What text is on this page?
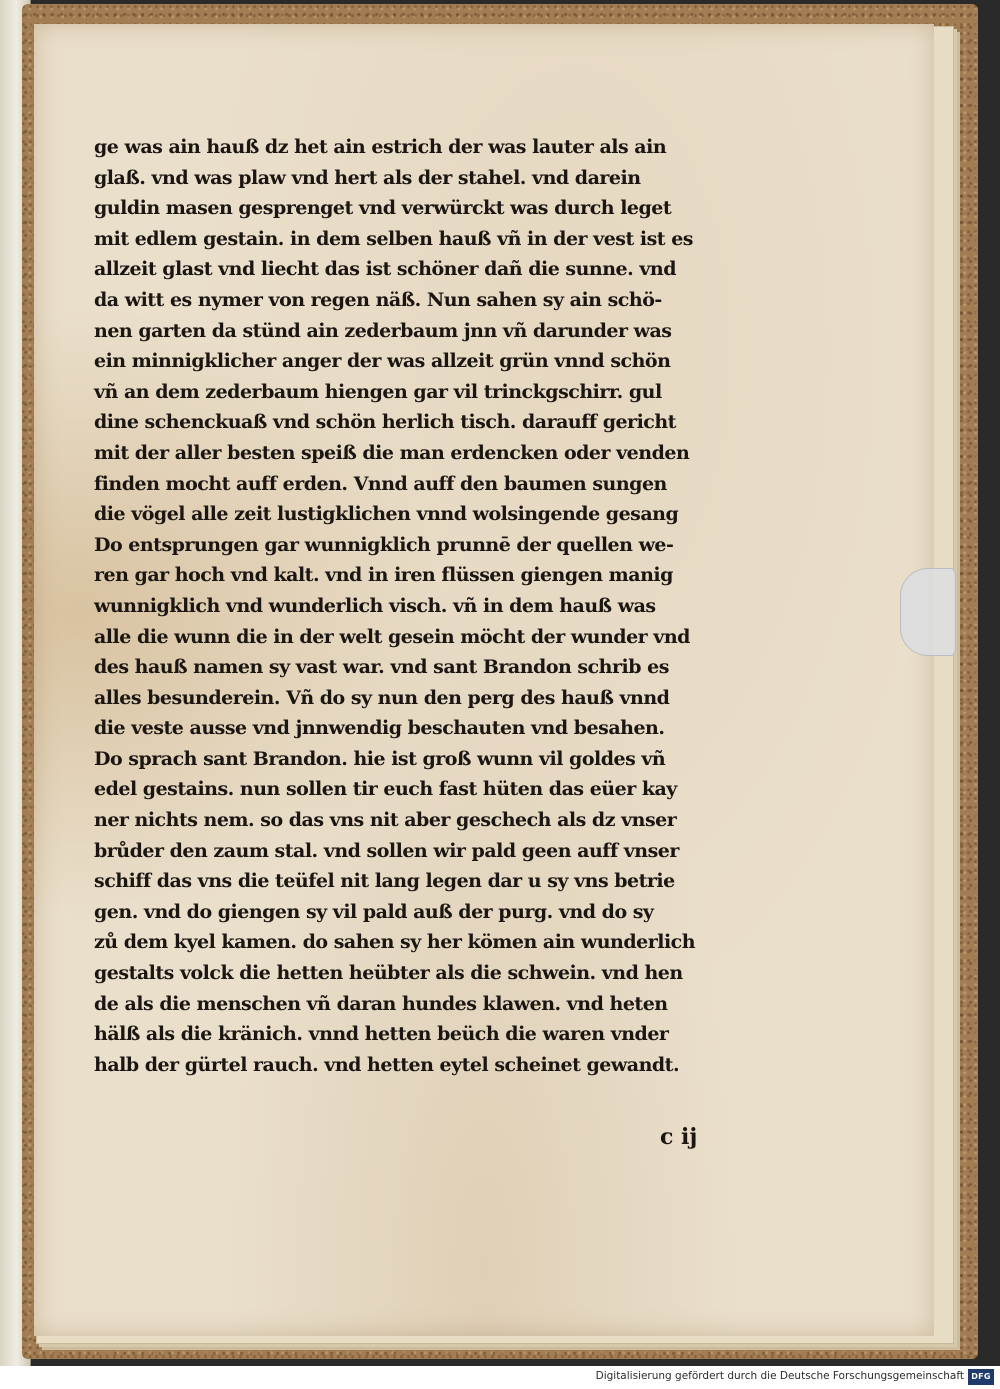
ge was ain hauß dz het ain estrich der was lauter als ain
glaß. vnd was plaw vnd hert als der stahel. vnd darein
guldin masen gesprenget vnd verwürckt was durch leget
mit edlem gestain. in dem selben hauß vñ in der vest ist es
allzeit glast vnd liecht das ist schöner dañ die sunne. vnd
da witt es nymer von regen näß. Nun sahen sy ain schö-
nen garten da stünd ain zederbaum jnn vñ darunder was
ein minnigklicher anger der was allzeit grün vnnd schön
vñ an dem zederbaum hiengen gar vil trinckgschirr. gul
dine schenckuaß vnd schön herlich tisch. darauff gericht
mit der aller besten speiß die man erdencken oder venden
finden mocht auff erden. Vnnd auff den baumen sungen
die vögel alle zeit lustigklichen vnnd wolsingende gesang
Do entsprungen gar wunnigklich prunnē der quellen we-
ren gar hoch vnd kalt. vnd in iren flüssen giengen manig
wunnigklich vnd wunderlich visch. vñ in dem hauß was
alle die wunn die in der welt gesein möcht der wunder vnd
des hauß namen sy vast war. vnd sant Brandon schrib es
alles besunderein. Vñ do sy nun den perg des hauß vnnd
die veste ausse vnd jnnwendig beschauten vnd besahen.
Do sprach sant Brandon. hie ist groß wunn vil goldes vñ
edel gestains. nun sollen tir euch fast hüten das eüer kay
ner nichts nem. so das vns nit aber geschech als dz vnser
brůder den zaum stal. vnd sollen wir pald geen auff vnser
schiff das vns die teüfel nit lang legen dar u sy vns betrie
gen. vnd do giengen sy vil pald auß der purg. vnd do sy
zů dem kyel kamen. do sahen sy her kömen ain wunderlich
gestalts volck die hetten heübter als die schwein. vnd hen
de als die menschen vñ daran hundes klawen. vnd heten
hälß als die kränich. vnnd hetten beüch die waren vnder
halb der gürtel rauch. vnd hetten eytel scheinet gewandt.
c ij
Digitalisierung gefördert durch die Deutsche Forschungsgemeinschaft DFG
